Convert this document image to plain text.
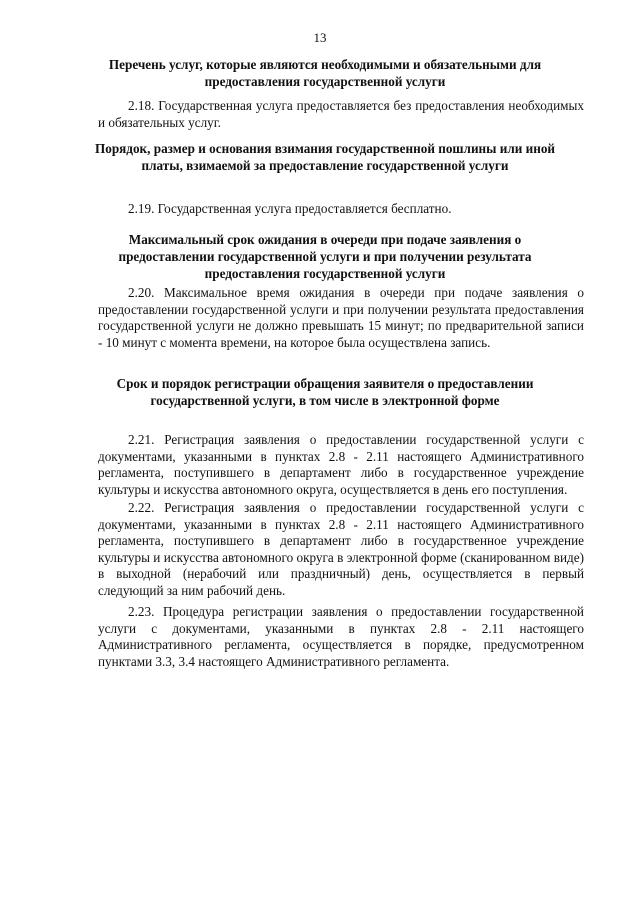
13
Перечень услуг, которые являются необходимыми и обязательными для предоставления государственной услуги
2.18. Государственная услуга предоставляется без предоставления необходимых и обязательных услуг.
Порядок, размер и основания взимания государственной пошлины или иной платы, взимаемой за предоставление государственной услуги
2.19. Государственная услуга предоставляется бесплатно.
Максимальный срок ожидания в очереди при подаче заявления о предоставлении государственной услуги и при получении результата предоставления государственной услуги
2.20. Максимальное время ожидания в очереди при подаче заявления о предоставлении государственной услуги и при получении результата предоставления государственной услуги не должно превышать 15 минут; по предварительной записи - 10 минут с момента времени, на которое была осуществлена запись.
Срок и порядок регистрации обращения заявителя о предоставлении государственной услуги, в том числе в электронной форме
2.21. Регистрация заявления о предоставлении государственной услуги с документами, указанными в пунктах 2.8 - 2.11 настоящего Административного регламента, поступившего в департамент либо в государственное учреждение культуры и искусства автономного округа, осуществляется в день его поступления.
2.22. Регистрация заявления о предоставлении государственной услуги с документами, указанными в пунктах 2.8 - 2.11 настоящего Административного регламента, поступившего в департамент либо в государственное учреждение культуры и искусства автономного округа в электронной форме (сканированном виде) в выходной (нерабочий или праздничный) день, осуществляется в первый следующий за ним рабочий день.
2.23. Процедура регистрации заявления о предоставлении государственной услуги с документами, указанными в пунктах 2.8 - 2.11 настоящего Административного регламента, осуществляется в порядке, предусмотренном пунктами 3.3, 3.4 настоящего Административного регламента.
